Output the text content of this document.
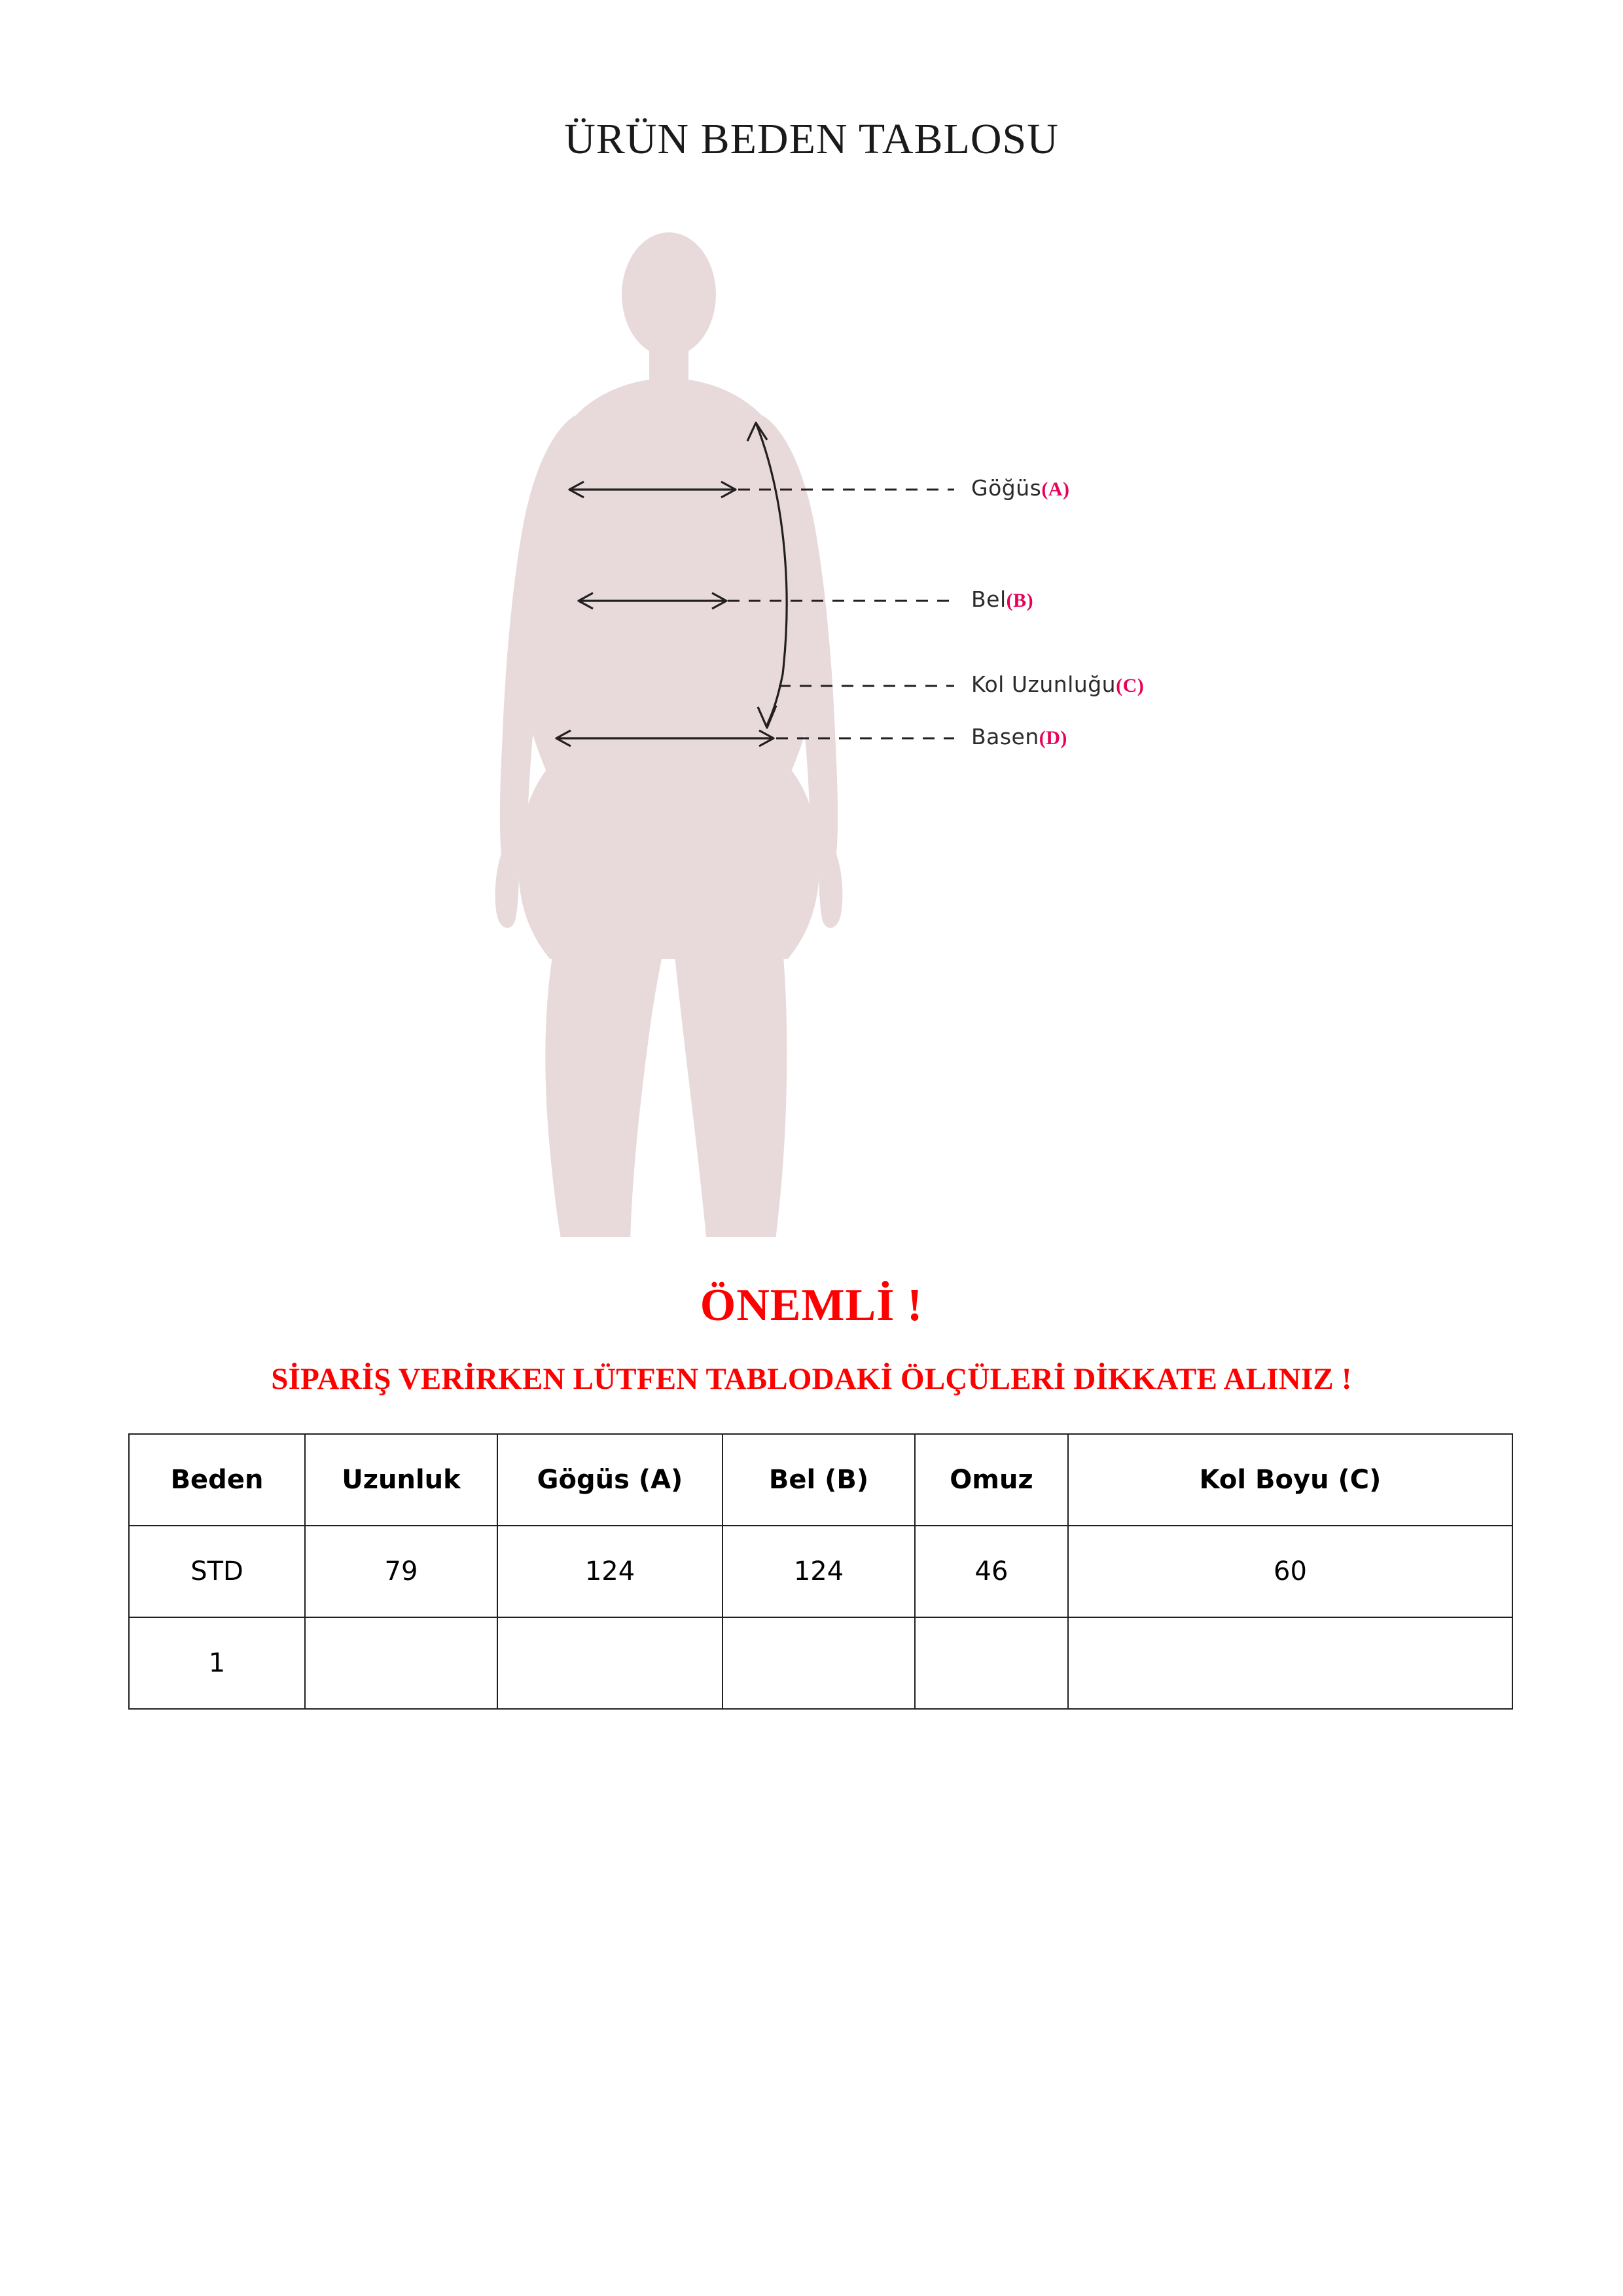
ÜRÜN BEDEN TABLOSU
Göğüs(A)
Bel(B)
Kol Uzunluğu(C)
Basen(D)
ÖNEMLİ !
SİPARİŞ VERİRKEN LÜTFEN TABLODAKİ ÖLÇÜLERİ DİKKATE ALINIZ !
Beden	Uzunluk	Gögüs (A)	Bel (B)	Omuz	Kol Boyu (C)
STD	79	124	124	46	60
1					
